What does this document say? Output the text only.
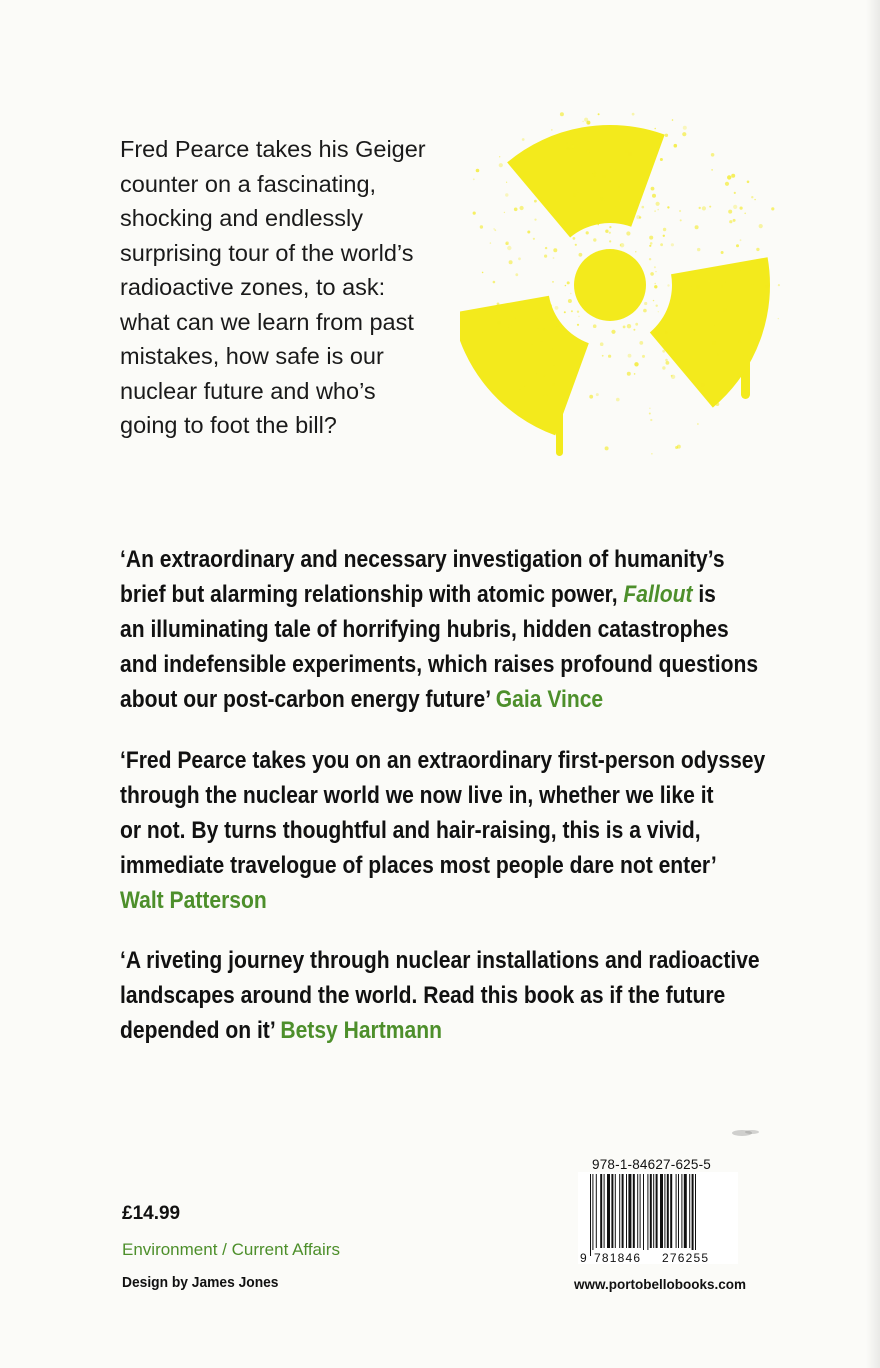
Fred Pearce takes his Geiger
counter on a fascinating,
shocking and endlessly
surprising tour of the world’s
radioactive zones, to ask:
what can we learn from past
mistakes, how safe is our
nuclear future and who’s
going to foot the bill?
‘An extraordinary and necessary investigation of humanity’s
brief but alarming relationship with atomic power, Fallout is
an illuminating tale of horrifying hubris, hidden catastrophes
and indefensible experiments, which raises profound questions
about our post-carbon energy future’ Gaia Vince
‘Fred Pearce takes you on an extraordinary first-person odyssey
through the nuclear world we now live in, whether we like it
or not. By turns thoughtful and hair-raising, this is a vivid,
immediate travelogue of places most people dare not enter’
Walt Patterson
‘A riveting journey through nuclear installations and radioactive
landscapes around the world. Read this book as if the future
depended on it’ Betsy Hartmann
£14.99
Environment / Current Affairs
Design by James Jones
978-1-84627-625-5
9 781846 276255
www.portobellobooks.com
